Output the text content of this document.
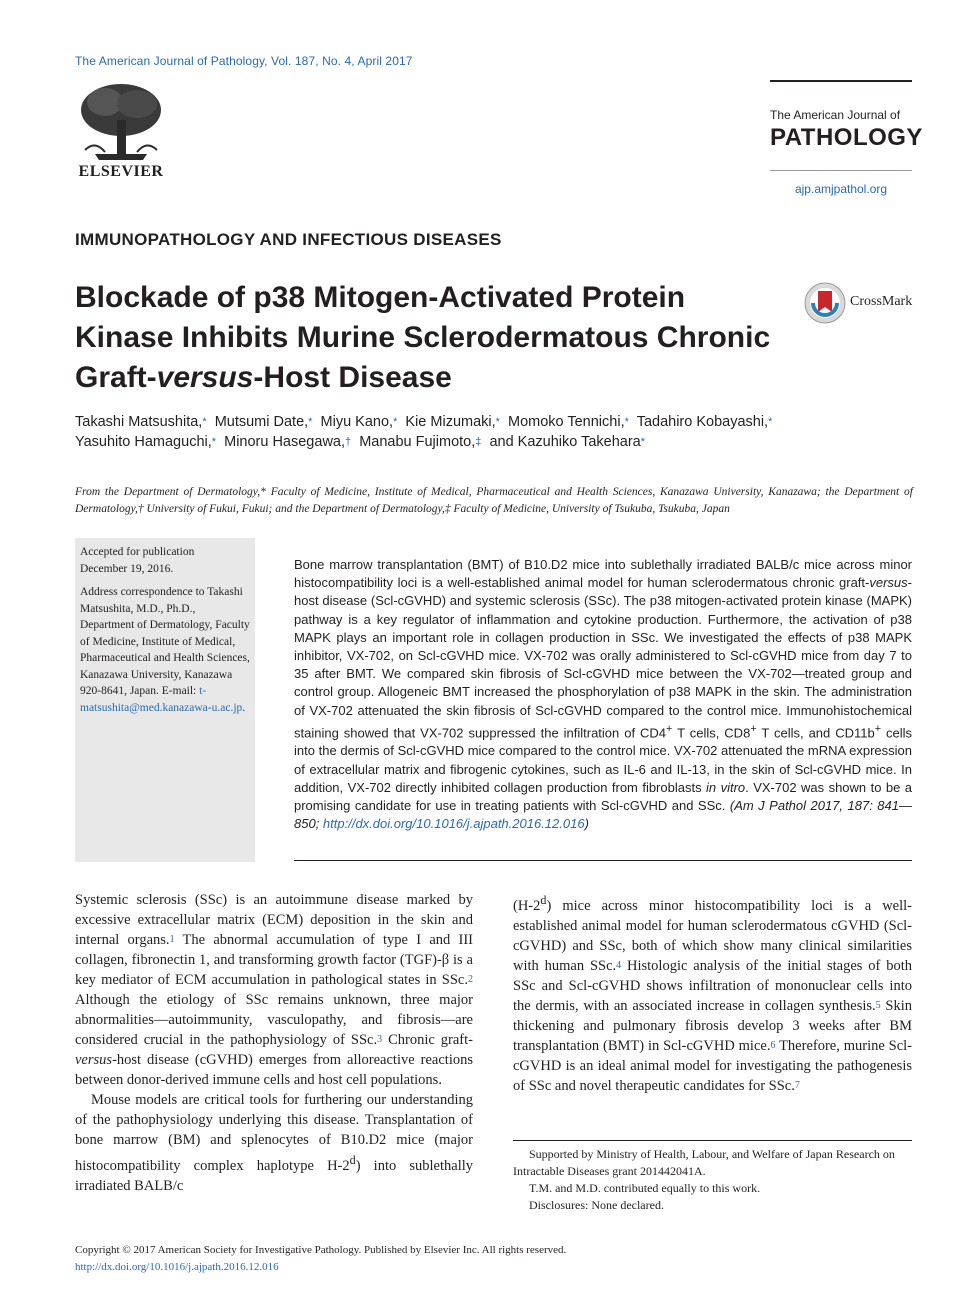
The American Journal of Pathology, Vol. 187, No. 4, April 2017
ELSEVIER
The American Journal of
PATHOLOGY
ajp.amjpathol.org
IMMUNOPATHOLOGY AND INFECTIOUS DISEASES
Blockade of p38 Mitogen-Activated Protein Kinase Inhibits Murine Sclerodermatous Chronic Graft-versus-Host Disease
CrossMark
Takashi Matsushita,* Mutsumi Date,* Miyu Kano,* Kie Mizumaki,* Momoko Tennichi,* Tadahiro Kobayashi,*
Yasuhito Hamaguchi,* Minoru Hasegawa,† Manabu Fujimoto,‡ and Kazuhiko Takehara*
From the Department of Dermatology,* Faculty of Medicine, Institute of Medical, Pharmaceutical and Health Sciences, Kanazawa University, Kanazawa; the Department of Dermatology,† University of Fukui, Fukui; and the Department of Dermatology,‡ Faculty of Medicine, University of Tsukuba, Tsukuba, Japan

Accepted for publication

December 19, 2016.

Address correspondence to Takashi Matsushita, M.D., Ph.D., Department of Dermatology, Faculty of Medicine, Institute of Medical, Pharmaceutical and Health Sciences, Kanazawa University, Kanazawa 920-8641, Japan. E-mail: t-matsushita@med.kanazawa-u.ac.jp.

Bone marrow transplantation (BMT) of B10.D2 mice into sublethally irradiated BALB/c mice across minor histocompatibility loci is a well-established animal model for human sclerodermatous chronic graft-versus-host disease (Scl-cGVHD) and systemic sclerosis (SSc). The p38 mitogen-activated protein kinase (MAPK) pathway is a key regulator of inflammation and cytokine production. Furthermore, the activation of p38 MAPK plays an important role in collagen production in SSc. We investigated the effects of p38 MAPK inhibitor, VX-702, on Scl-cGVHD mice. VX-702 was orally administered to Scl-cGVHD mice from day 7 to 35 after BMT. We compared skin fibrosis of Scl-cGVHD mice between the VX-702—treated group and control group. Allogeneic BMT increased the phosphorylation of p38 MAPK in the skin. The administration of VX-702 attenuated the skin fibrosis of Scl-cGVHD compared to the control mice. Immunohistochemical staining showed that VX-702 suppressed the infiltration of CD4+ T cells, CD8+ T cells, and CD11b+ cells into the dermis of Scl-cGVHD mice compared to the control mice. VX-702 attenuated the mRNA expression of extracellular matrix and fibrogenic cytokines, such as IL-6 and IL-13, in the skin of Scl-cGVHD mice. In addition, VX-702 directly inhibited collagen production from fibroblasts in vitro. VX-702 was shown to be a promising candidate for use in treating patients with Scl-cGVHD and SSc. (Am J Pathol 2017, 187: 841—850; http://dx.doi.org/10.1016/j.ajpath.2016.12.016)

Systemic sclerosis (SSc) is an autoimmune disease marked by excessive extracellular matrix (ECM) deposition in the skin and internal organs.$^1$ The abnormal accumulation of type I and III collagen, fibronectin 1, and transforming growth factor (TGF)-β is a key mediator of ECM accumulation in pathological states in SSc.$^2$ Although the etiology of SSc remains unknown, three major abnormalities—autoimmunity, vasculopathy, and fibrosis—are considered crucial in the pathophysiology of SSc.$^3$ Chronic graft-versus-host disease (cGVHD) emerges from alloreactive reactions between donor-derived immune cells and host cell populations.

Mouse models are critical tools for furthering our understanding of the pathophysiology underlying this disease. Transplantation of bone marrow (BM) and splenocytes of B10.D2 mice (major histocompatibility complex haplotype H-2$^d$) into sublethally irradiated BALB/c

(H-2$^d$) mice across minor histocompatibility loci is a well-established animal model for human sclerodermatous cGVHD (Scl-cGVHD) and SSc, both of which show many clinical similarities with human SSc.$^4$ Histologic analysis of the initial stages of both SSc and Scl-cGVHD shows infiltration of mononuclear cells into the dermis, with an associated increase in collagen synthesis.$^5$ Skin thickening and pulmonary fibrosis develop 3 weeks after BM transplantation (BMT) in Scl-cGVHD mice.$^6$ Therefore, murine Scl-cGVHD is an ideal animal model for investigating the pathogenesis of SSc and novel therapeutic candidates for SSc.$^7$

Supported by Ministry of Health, Labour, and Welfare of Japan Research on Intractable Diseases grant 201442041A.

T.M. and M.D. contributed equally to this work.

Disclosures: None declared.

Copyright © 2017 American Society for Investigative Pathology. Published by Elsevier Inc. All rights reserved.

http://dx.doi.org/10.1016/j.ajpath.2016.12.016
